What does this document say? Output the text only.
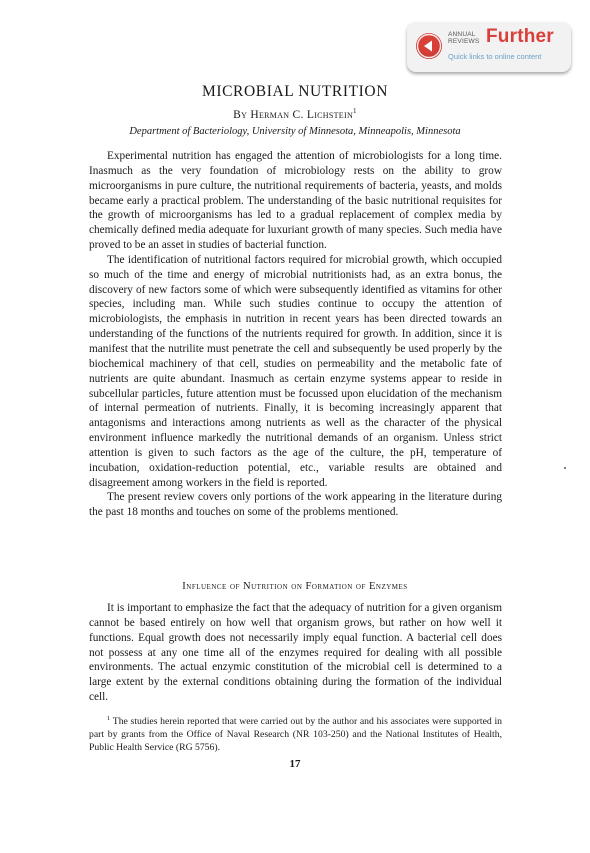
ANNUAL
REVIEWS Further
Quick links to online content
MICROBIAL NUTRITION
By Herman C. Lichstein$^1$
Department of Bacteriology, University of Minnesota, Minneapolis, Minnesota

Experimental nutrition has engaged the attention of microbiologists for a long time. Inasmuch as the very foundation of microbiology rests on the ability to grow microorganisms in pure culture, the nutritional requirements of bacteria, yeasts, and molds became early a practical problem. The understanding of the basic nutritional requisites for the growth of microorganisms has led to a gradual replacement of complex media by chemically defined media adequate for luxuriant growth of many species. Such media have proved to be an asset in studies of bacterial function.

The identification of nutritional factors required for microbial growth, which occupied so much of the time and energy of microbial nutritionists had, as an extra bonus, the discovery of new factors some of which were subsequently identified as vitamins for other species, including man. While such studies continue to occupy the attention of microbiologists, the emphasis in nutrition in recent years has been directed towards an understanding of the functions of the nutrients required for growth. In addition, since it is manifest that the nutrilite must penetrate the cell and subsequently be used properly by the biochemical machinery of that cell, studies on permeability and the metabolic fate of nutrients are quite abundant. Inasmuch as certain enzyme systems appear to reside in subcellular particles, future attention must be focussed upon elucidation of the mechanism of internal permeation of nutrients. Finally, it is becoming increasingly apparent that antagonisms and interactions among nutrients as well as the character of the physical environment influence markedly the nutritional demands of an organism. Unless strict attention is given to such factors as the age of the culture, the pH, temperature of incubation, oxidation-reduction potential, etc., variable results are obtained and disagreement among workers in the field is reported.

The present review covers only portions of the work appearing in the literature during the past 18 months and touches on some of the problems mentioned.

Influence of Nutrition on Formation of Enzymes

It is important to emphasize the fact that the adequacy of nutrition for a given organism cannot be based entirely on how well that organism grows, but rather on how well it functions. Equal growth does not necessarily imply equal function. A bacterial cell does not possess at any one time all of the enzymes required for dealing with all possible environments. The actual enzymic constitution of the microbial cell is determined to a large extent by the external conditions obtaining during the formation of the individual cell.

$^1$ The studies herein reported that were carried out by the author and his associates were supported in part by grants from the Office of Naval Research (NR 103-250) and the National Institutes of Health, Public Health Service (RG 5756).
17
